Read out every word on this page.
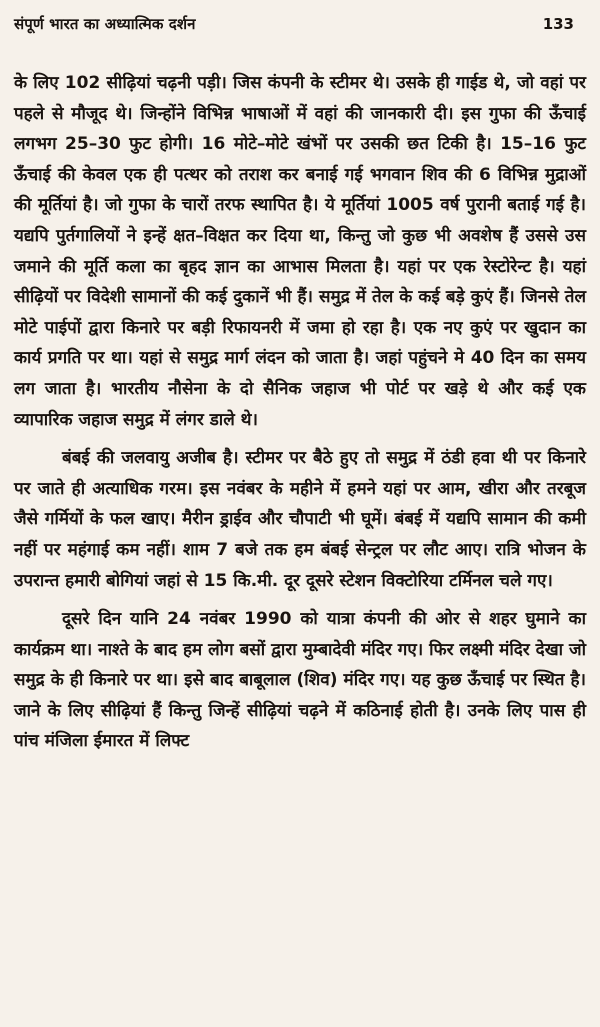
संपूर्ण भारत का अध्यात्मिक दर्शन	133

के लिए 102 सीढ़ियां चढ़नी पड़ी। जिस कंपनी के स्टीमर थे। उसके ही गाईड थे, जो वहां पर पहले से मौजूद थे। जिन्होंने विभिन्न भाषाओं में वहां की जानकारी दी। इस गुफा की ऊँचाई लगभग 25–30 फुट होगी। 16 मोटे–मोटे खंभों पर उसकी छत टिकी है। 15–16 फुट ऊँचाई की केवल एक ही पत्थर को तराश कर बनाई गई भगवान शिव की 6 विभिन्न मुद्राओं की मूर्तियां है। जो गुफा के चारों तरफ स्थापित है। ये मूर्तियां 1005 वर्ष पुरानी बताई गई है। यद्यपि पुर्तगालियों ने इन्हें क्षत–विक्षत कर दिया था, किन्तु जो कुछ भी अवशेष हैं उससे उस जमाने की मूर्ति कला का बृहद ज्ञान का आभास मिलता है। यहां पर एक रेस्टोरेन्ट है। यहां सीढ़ियों पर विदेशी सामानों की कई दुकानें भी हैं। समुद्र में तेल के कई बड़े कुएं हैं। जिनसे तेल मोटे पाईपों द्वारा किनारे पर बड़ी रिफायनरी में जमा हो रहा है। एक नए कुएं पर खुदान का कार्य प्रगति पर था। यहां से समुद्र मार्ग लंदन को जाता है। जहां पहुंचने मे 40 दिन का समय लग जाता है। भारतीय नौसेना के दो सैनिक जहाज भी पोर्ट पर खड़े थे और कई एक व्यापारिक जहाज समुद्र में लंगर डाले थे।

बंबई की जलवायु अजीब है। स्टीमर पर बैठे हुए तो समुद्र में ठंडी हवा थी पर किनारे पर जाते ही अत्याधिक गरम। इस नवंबर के महीने में हमने यहां पर आम, खीरा और तरबूज जैसे गर्मियों के फल खाए। मैरीन ड्राईव और चौपाटी भी घूमें। बंबई में यद्यपि सामान की कमी नहीं पर महंगाई कम नहीं। शाम 7 बजे तक हम बंबई सेन्ट्रल पर लौट आए। रात्रि भोजन के उपरान्त हमारी बोगियां जहां से 15 कि.मी. दूर दूसरे स्टेशन विक्टोरिया टर्मिनल चले गए।

दूसरे दिन यानि 24 नवंबर 1990 को यात्रा कंपनी की ओर से शहर घुमाने का कार्यक्रम था। नाश्ते के बाद हम लोग बसों द्वारा मुम्बादेवी मंदिर गए। फिर लक्ष्मी मंदिर देखा जो समुद्र के ही किनारे पर था। इसे बाद बाबूलाल (शिव) मंदिर गए। यह कुछ ऊँचाई पर स्थित है। जाने के लिए सीढ़ियां हैं किन्तु जिन्हें सीढ़ियां चढ़ने में कठिनाई होती है। उनके लिए पास ही पांच मंजिला ईमारत में लिफ्ट
